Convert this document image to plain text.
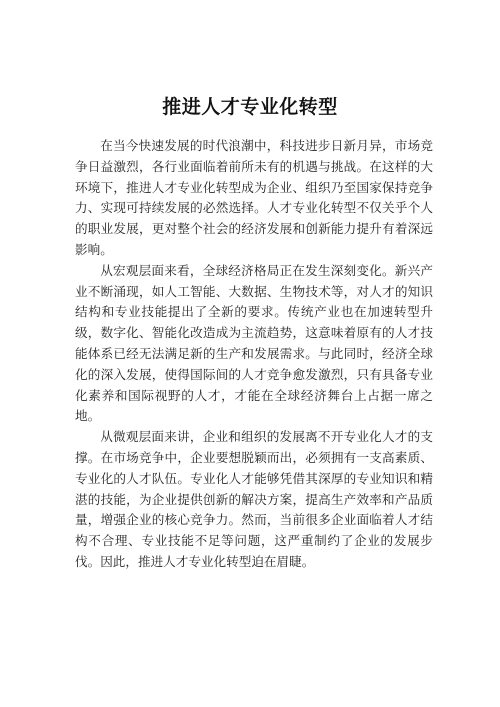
推进人才专业化转型

在当今快速发展的时代浪潮中，科技进步日新月异，市场竞争日益激烈，各行业面临着前所未有的机遇与挑战。在这样的大环境下，推进人才专业化转型成为企业、组织乃至国家保持竞争力、实现可持续发展的必然选择。人才专业化转型不仅关乎个人的职业发展，更对整个社会的经济发展和创新能力提升有着深远影响。

从宏观层面来看，全球经济格局正在发生深刻变化。新兴产业不断涌现，如人工智能、大数据、生物技术等，对人才的知识结构和专业技能提出了全新的要求。传统产业也在加速转型升级，数字化、智能化改造成为主流趋势，这意味着原有的人才技能体系已经无法满足新的生产和发展需求。与此同时，经济全球化的深入发展，使得国际间的人才竞争愈发激烈，只有具备专业化素养和国际视野的人才，才能在全球经济舞台上占据一席之地。

从微观层面来讲，企业和组织的发展离不开专业化人才的支撑。在市场竞争中，企业要想脱颖而出，必须拥有一支高素质、专业化的人才队伍。专业化人才能够凭借其深厚的专业知识和精湛的技能，为企业提供创新的解决方案，提高生产效率和产品质量，增强企业的核心竞争力。然而，当前很多企业面临着人才结构不合理、专业技能不足等问题，这严重制约了企业的发展步伐。因此，推进人才专业化转型迫在眉睫。
